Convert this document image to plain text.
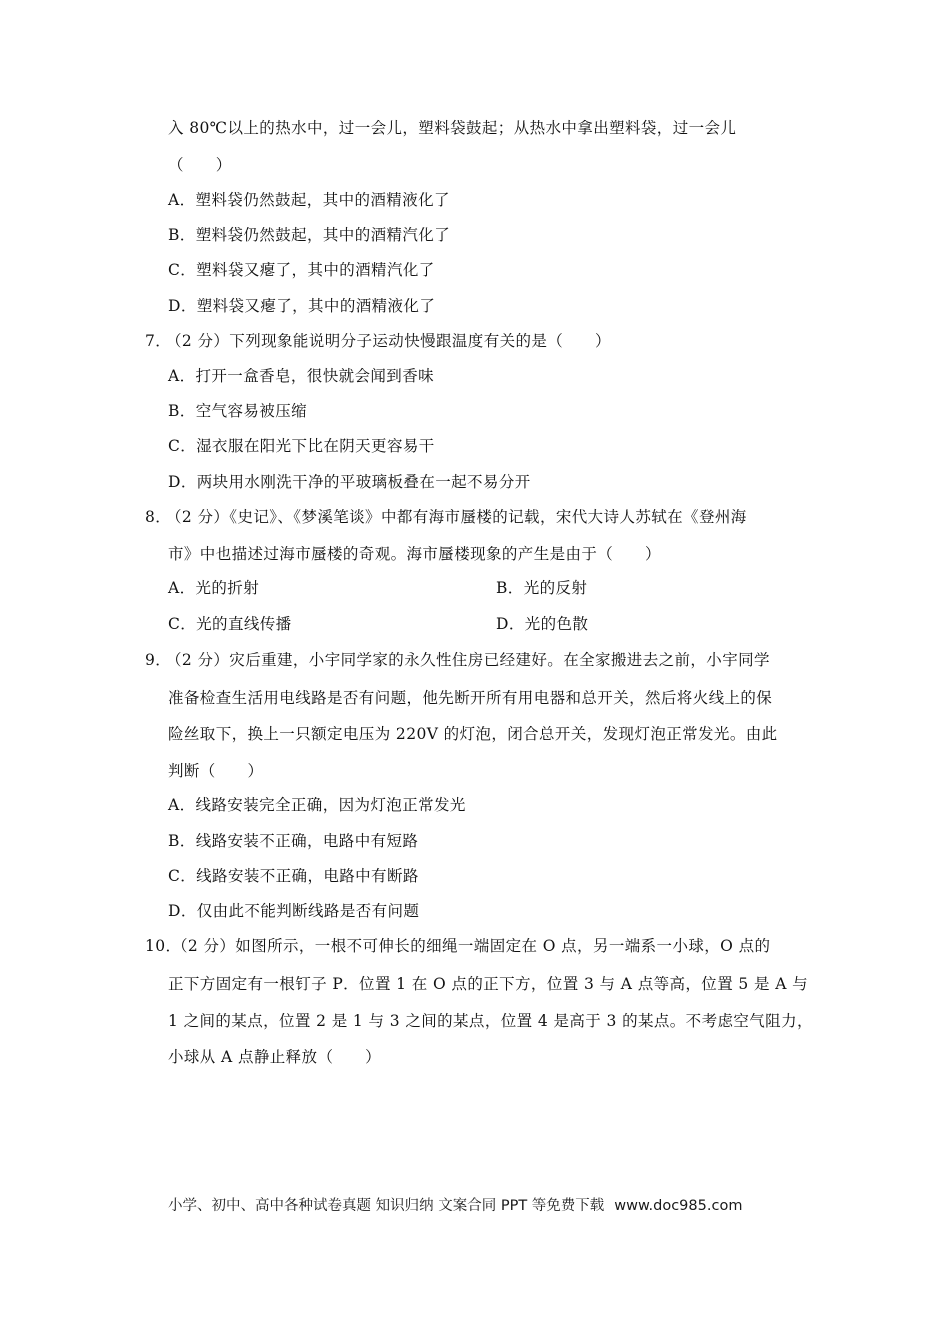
入 80℃以上的热水中，过一会儿，塑料袋鼓起；从热水中拿出塑料袋，过一会儿
（　　）
A．塑料袋仍然鼓起，其中的酒精液化了
B．塑料袋仍然鼓起，其中的酒精汽化了
C．塑料袋又瘪了，其中的酒精汽化了
D．塑料袋又瘪了，其中的酒精液化了
7．
（2 分）下列现象能说明分子运动快慢跟温度有关的是（　　）
A．打开一盒香皂，很快就会闻到香味
B．空气容易被压缩
C．湿衣服在阳光下比在阴天更容易干
D．两块用水刚洗干净的平玻璃板叠在一起不易分开
8．
（2 分）《史记》、《梦溪笔谈》中都有海市蜃楼的记载，宋代大诗人苏轼在《登州海
市》中也描述过海市蜃楼的奇观。海市蜃楼现象的产生是由于（　　）
A．光的折射	B．光的反射
C．光的直线传播	D．光的色散
9．
（2 分）灾后重建，小宇同学家的永久性住房已经建好。在全家搬进去之前，小宇同学
准备检查生活用电线路是否有问题，他先断开所有用电器和总开关，然后将火线上的保
险丝取下，换上一只额定电压为 220V 的灯泡，闭合总开关，发现灯泡正常发光。由此
判断（　　）
A．线路安装完全正确，因为灯泡正常发光
B．线路安装不正确，电路中有短路
C．线路安装不正确，电路中有断路
D．仅由此不能判断线路是否有问题
10．
（2 分）如图所示，一根不可伸长的细绳一端固定在 O 点，另一端系一小球，O 点的
正下方固定有一根钉子 P．位置 1 在 O 点的正下方，位置 3 与 A 点等高，位置 5 是 A 与
1 之间的某点，位置 2 是 1 与 3 之间的某点，位置 4 是高于 3 的某点。不考虑空气阻力，
小球从 A 点静止释放（　　）
小学、初中、高中各种试卷真题 知识归纳 文案合同 PPT 等免费下载 www.doc985.com
